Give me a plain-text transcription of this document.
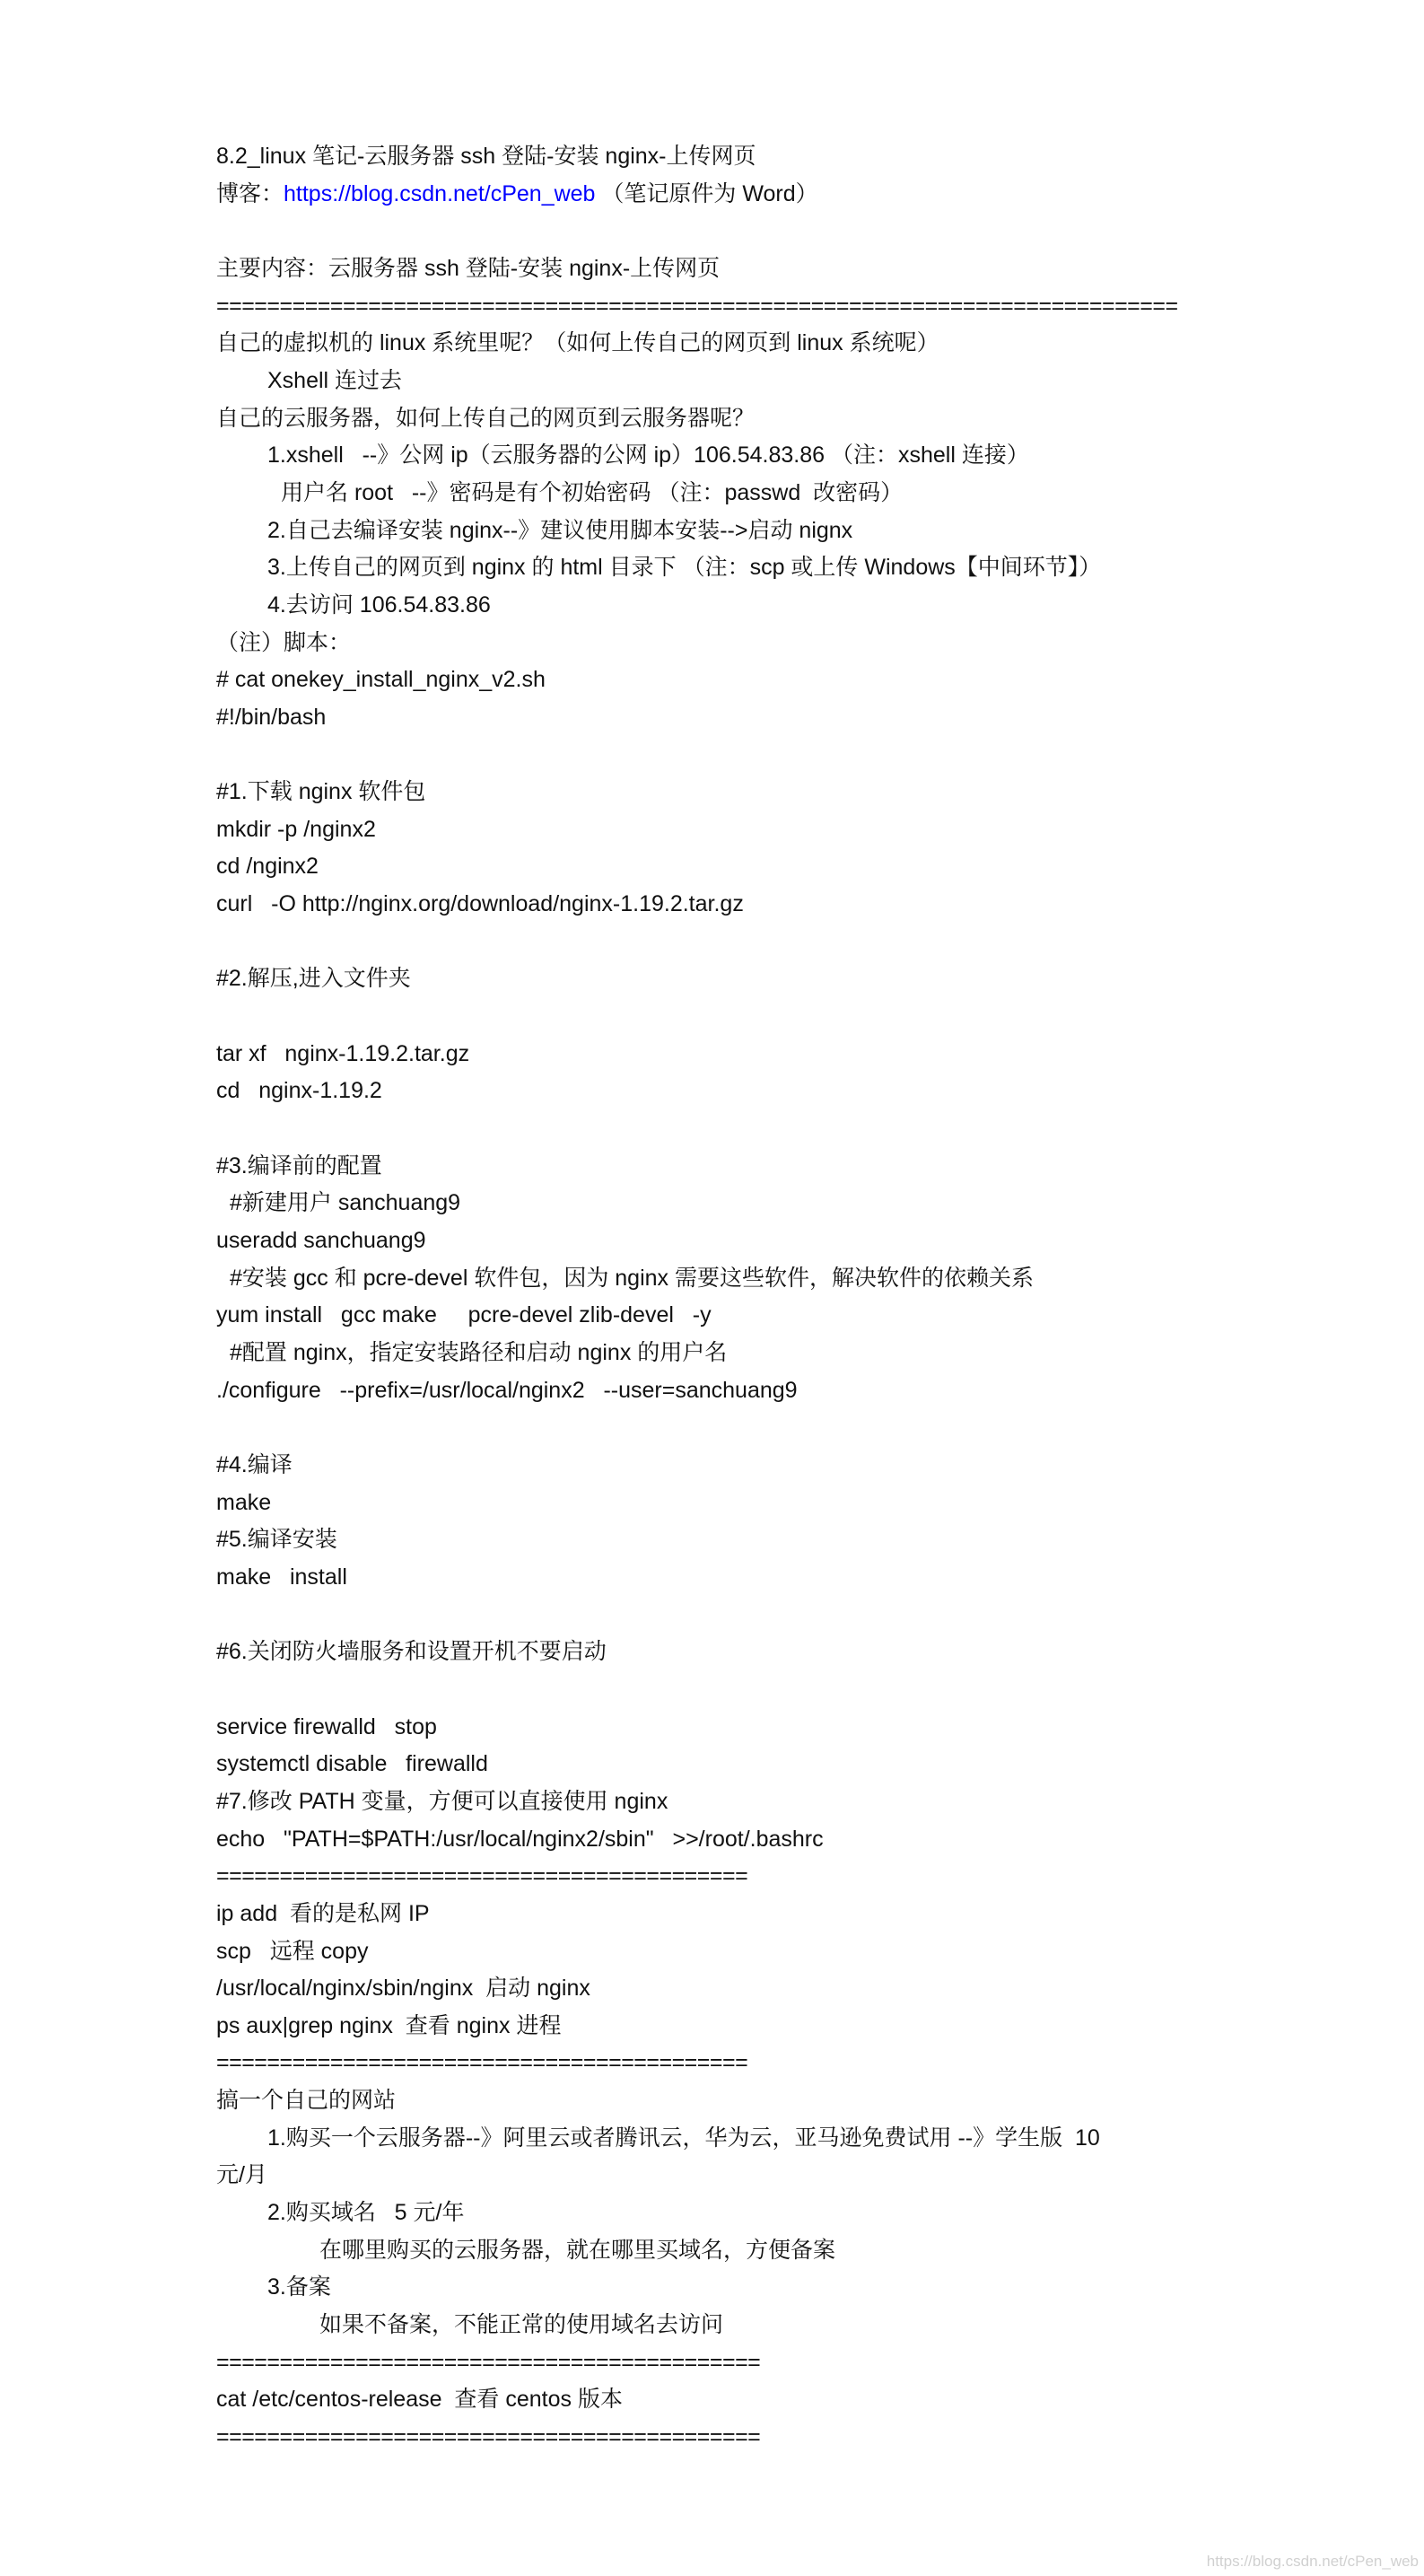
8.2_linux 笔记-云服务器 ssh 登陆-安装 nginx-上传网页
博客：https://blog.csdn.net/cPen_web （笔记原件为 Word）
主要内容：云服务器 ssh 登陆-安装 nginx-上传网页
============================================================================
自己的虚拟机的 linux 系统里呢？（如何上传自己的网页到 linux 系统呢）
Xshell 连过去
自己的云服务器，如何上传自己的网页到云服务器呢？
1.xshell   --》公网 ip（云服务器的公网 ip）106.54.83.86 （注：xshell 连接）
用户名 root   --》密码是有个初始密码 （注：passwd  改密码）
2.自己去编译安装 nginx--》建议使用脚本安装-->启动 nignx
3.上传自己的网页到 nginx 的 html 目录下 （注：scp 或上传 Windows【中间环节】）
4.去访问 106.54.83.86
（注）脚本：
# cat onekey_install_nginx_v2.sh
#!/bin/bash
#1.下载 nginx 软件包
mkdir -p /nginx2
cd /nginx2
curl   -O http://nginx.org/download/nginx-1.19.2.tar.gz
#2.解压,进入文件夹
tar xf   nginx-1.19.2.tar.gz
cd   nginx-1.19.2
#3.编译前的配置
#新建用户 sanchuang9
useradd sanchuang9
#安装 gcc 和 pcre-devel 软件包，因为 nginx 需要这些软件，解决软件的依赖关系
yum install   gcc make     pcre-devel zlib-devel   -y
#配置 nginx，指定安装路径和启动 nginx 的用户名
./configure   --prefix=/usr/local/nginx2   --user=sanchuang9
#4.编译
make
#5.编译安装
make   install
#6.关闭防火墙服务和设置开机不要启动
service firewalld   stop
systemctl disable   firewalld
#7.修改 PATH 变量，方便可以直接使用 nginx
echo   "PATH=$PATH:/usr/local/nginx2/sbin"   >>/root/.bashrc
==========================================
ip add  看的是私网 IP
scp   远程 copy
/usr/local/nginx/sbin/nginx  启动 nginx
ps aux|grep nginx  查看 nginx 进程
==========================================
搞一个自己的网站
1.购买一个云服务器--》阿里云或者腾讯云，华为云，亚马逊免费试用 --》学生版  10
元/月
2.购买域名   5 元/年
在哪里购买的云服务器，就在哪里买域名，方便备案
3.备案
如果不备案，不能正常的使用域名去访问
===========================================
cat /etc/centos-release  查看 centos 版本
===========================================
https://blog.csdn.net/cPen_web
